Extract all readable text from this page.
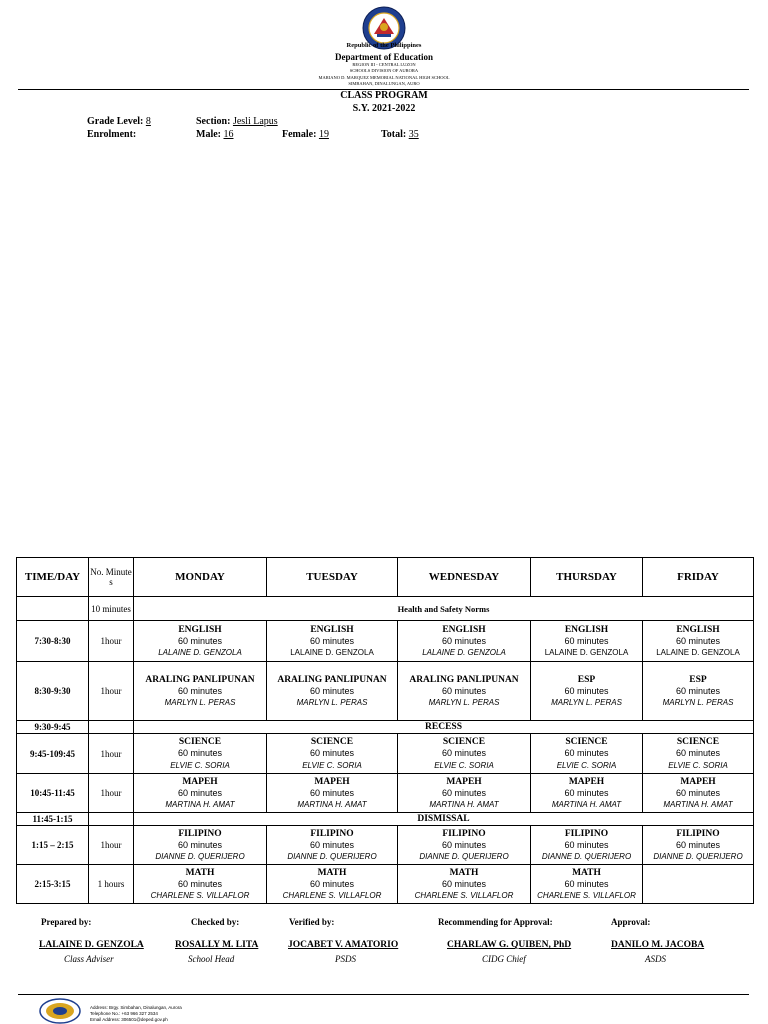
Republic of the Philippines
Department of Education
REGION III - CENTRAL LUZON
SCHOOLS DIVISION OF AURORA
MARIANO D. MARQUEZ MEMORIAL NATIONAL HIGH SCHOOL
SIMBAHAN, DINALUNGAN, AURO
CLASS PROGRAM
S.Y. 2021-2022
Grade Level: 8	Section: Jesli Lapus
Enrolment:	Male: 16	Female: 19	Total: 35
TIME/DAY	No. Minute s	MONDAY	TUESDAY	WEDNESDAY	THURSDAY	FRIDAY
	10 minutes	Health and Safety Norms				
7:30-8:30	1hour	ENGLISH
60 minutes
LALAINE D. GENZOLA	ENGLISH
60 minutes
LALAINE D. GENZOLA	ENGLISH
60 minutes
LALAINE D. GENZOLA	ENGLISH
60 minutes
LALAINE D. GENZOLA	ENGLISH
60 minutes
LALAINE D. GENZOLA

8:30-9:30	1hour	ARALING PANLIPUNAN
60 minutes
MARLYN L. PERAS	ARALING PANLIPUNAN
60 minutes
MARLYN L. PERAS	ARALING PANLIPUNAN
60 minutes
MARLYN L. PERAS	ESP
60 minutes
MARLYN L. PERAS	ESP
60 minutes
MARLYN L. PERAS

9:30-9:45		RECESS				
9:45-109:45	1hour	SCIENCE
60 minutes
ELVIE C. SORIA	SCIENCE
60 minutes
ELVIE C. SORIA	SCIENCE
60 minutes
ELVIE C. SORIA	SCIENCE
60 minutes
ELVIE C. SORIA	SCIENCE
60 minutes
ELVIE C. SORIA

10:45-11:45	1hour	MAPEH
60 minutes
MARTINA H. AMAT	MAPEH
60 minutes
MARTINA H. AMAT	MAPEH
60 minutes
MARTINA H. AMAT	MAPEH
60 minutes
MARTINA H. AMAT	MAPEH
60 minutes
MARTINA H. AMAT

11:45-1:15		DISMISSAL				
1:15 – 2:15	1hour	FILIPINO
60 minutes
DIANNE D. QUERIJERO	FILIPINO
60 minutes
DIANNE D. QUERIJERO	FILIPINO
60 minutes
DIANNE D. QUERIJERO	FILIPINO
60 minutes
DIANNE D. QUERIJERO	FILIPINO
60 minutes
DIANNE D. QUERIJERO

2:15-3:15	1 hours	MATH
60 minutes
CHARLENE S. VILLAFLOR	MATH
60 minutes
CHARLENE S. VILLAFLOR	MATH
60 minutes
CHARLENE S. VILLAFLOR	MATH
60 minutes
CHARLENE S. VILLAFLOR	

Prepared by:
LALAINE D. GENZOLA
Class Adviser
Checked by:
ROSALLY M. LITA
School Head
Verified by:
JOCABET V. AMATORIO
PSDS
Recommending for Approval:
CHARLAW G. QUIBEN, PhD
CIDG Chief
Approval:
DANILO M. JACOBA
ASDS
Address: Brgy. Simbahan, Dinalungan, Aurora
Telephone No.: +63 966 327 2534
Email Address: 306501@deped.gov.ph
